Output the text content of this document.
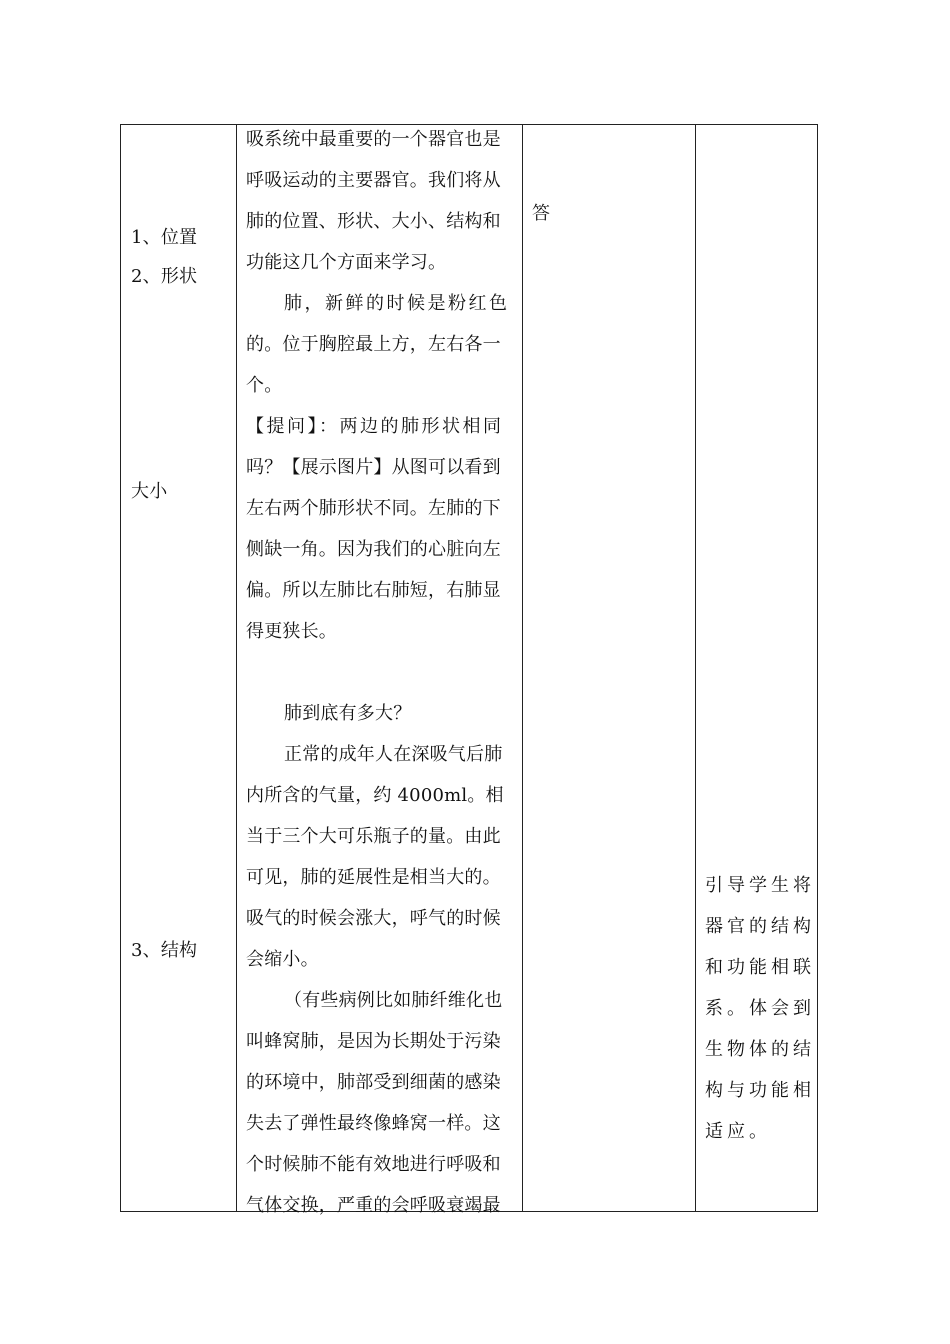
1、位置
2、形状
大小
3、结构
吸系统中最重要的一个器官也是
呼吸运动的主要器官。我们将从
肺的位置、形状、大小、结构和
功能这几个方面来学习。
肺，新鲜的时候是粉红色
的。位于胸腔最上方，左右各一
个。
【提问】：两边的肺形状相同
吗？【展示图片】从图可以看到
左右两个肺形状不同。左肺的下
侧缺一角。因为我们的心脏向左
偏。所以左肺比右肺短，右肺显
得更狭长。
肺到底有多大？
正常的成年人在深吸气后肺
内所含的气量，约 4000ml。相
当于三个大可乐瓶子的量。由此
可见，肺的延展性是相当大的。
吸气的时候会涨大，呼气的时候
会缩小。
（有些病例比如肺纤维化也
叫蜂窝肺，是因为长期处于污染
的环境中，肺部受到细菌的感染
失去了弹性最终像蜂窝一样。这
个时候肺不能有效地进行呼吸和
气体交换，严重的会呼吸衰竭最
答
引导学生将
器官的结构
和功能相联
系。体会到
生物体的结
构与功能相
适应。
